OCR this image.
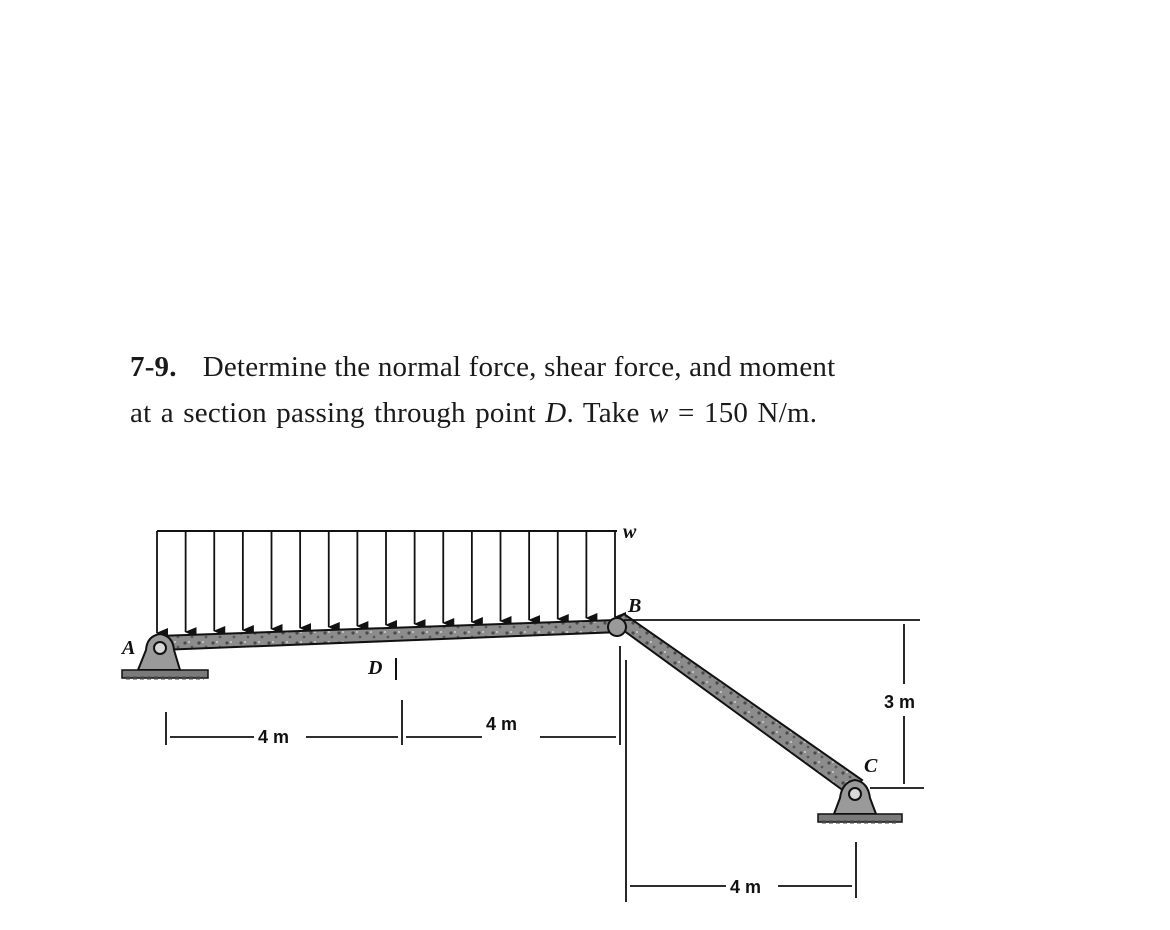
7-9. Determine the normal force, shear force, and moment
at a section passing through point D. Take w = 150 N/m.
w
A
B
C
D
4 m
4 m
3 m
4 m
